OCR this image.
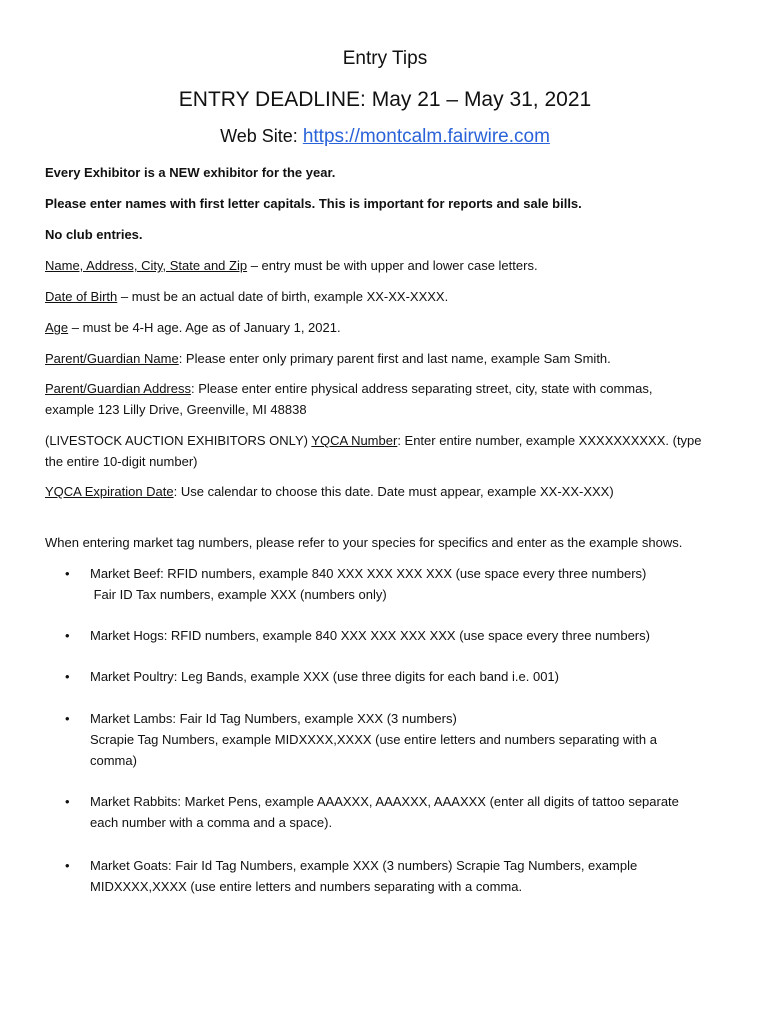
Entry Tips
ENTRY DEADLINE: May 21 – May 31, 2021
Web Site: https://montcalm.fairwire.com
Every Exhibitor is a NEW exhibitor for the year.
Please enter names with first letter capitals. This is important for reports and sale bills.
No club entries.
Name, Address, City, State and Zip – entry must be with upper and lower case letters.
Date of Birth – must be an actual date of birth, example XX-XX-XXXX.
Age – must be 4-H age. Age as of January 1, 2021.
Parent/Guardian Name: Please enter only primary parent first and last name, example Sam Smith.
Parent/Guardian Address: Please enter entire physical address separating street, city, state with commas,
example 123 Lilly Drive, Greenville, MI 48838
(LIVESTOCK AUCTION EXHIBITORS ONLY) YQCA Number: Enter entire number, example XXXXXXXXXX. (type
the entire 10-digit number)
YQCA Expiration Date: Use calendar to choose this date. Date must appear, example XX-XX-XXX)
When entering market tag numbers, please refer to your species for specifics and enter as the example shows.
•	Market Beef: RFID numbers, example 840 XXX XXX XXX XXX (use space every three numbers)
Fair ID Tax numbers, example XXX (numbers only)
•	Market Hogs: RFID numbers, example 840 XXX XXX XXX XXX (use space every three numbers)
•	Market Poultry: Leg Bands, example XXX (use three digits for each band i.e. 001)
•	Market Lambs: Fair Id Tag Numbers, example XXX (3 numbers)
Scrapie Tag Numbers, example MIDXXXX,XXXX (use entire letters and numbers separating with a
comma)
•	Market Rabbits: Market Pens, example AAAXXX, AAAXXX, AAAXXX (enter all digits of tattoo separate
each number with a comma and a space).
•	Market Goats: Fair Id Tag Numbers, example XXX (3 numbers) Scrapie Tag Numbers, example
MIDXXXX,XXXX (use entire letters and numbers separating with a comma.
